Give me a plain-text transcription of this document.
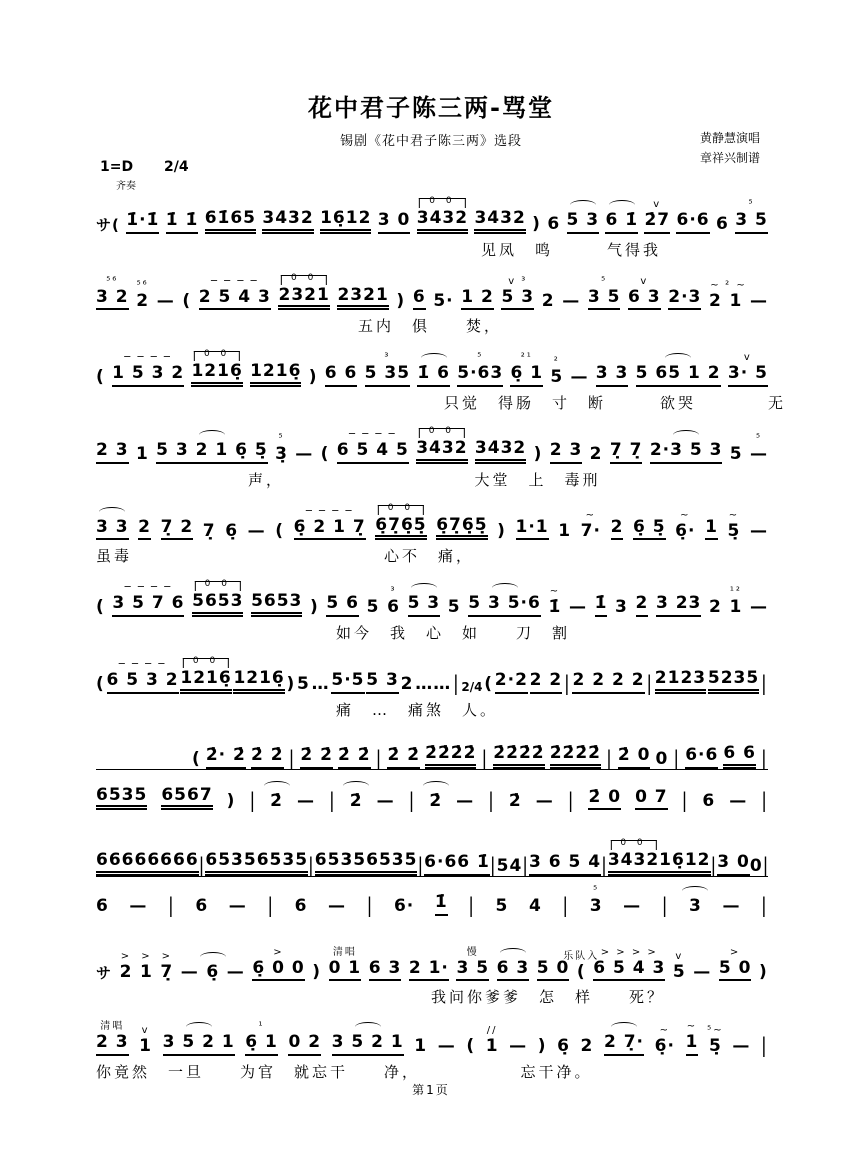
花中君子陈三两-骂堂
锡剧《花中君子陈三两》选段	黄静慧演唱
章祥兴制谱
1=D 2/4
齐奏
サ( 1̇·1̇ 1̇ 1̇ 61̇65 3432 16̣12 3 0
0 0
3432 3432 ) 6 5 3 6 1̇
v
2̇7 6·6 6
⁵
3 5
见凤　鸣　　　气得我
⁵⁶
3 2
⁵⁶
2 — (
─ ─ ─ ─
2 5 4 3
0 0
2321 2321 ) 6 5· 1 2
v ³
5 3 2 —
⁵
3 5
v
6 3 2·3
~
2
² ~
1 —
五内　俱　　焚，
(
─ ─ ─ ─
1 5 3 2
0 0
1216̣ 1216̣ ) 6 6
³
5 35 1̇ 6
⁵
5·63
²¹
6̣ 1
²
5 — 3 3 5 65 1 2
v
3· 5
只觉　得肠　寸　断　　　欲哭　　　　无
2 3 1 5 3 2 1 6̣ 5̣
⁵
3̣ — (
─ ─ ─ ─
6 5 4 5
0 0
3432 3432 ) 2 3 2 7̣ 7̣ 2·3 5 3 5
⁵
—
声，　　　　　　　　　　　大堂　上　毒刑
3 3 2 7̣ 2 7̣ 6̣ — (
─ ─ ─ ─
6̣ 2 1 7̣
0 0
6̣7̣6̣5̣ 6̣7̣6̣5̣ ) 1·1 1
~
7· 2 6̣ 5̣
~
6̣· 1
~
5̣ —
虽毒　　　　　　　　　　　　　　心不　痛，
(
─ ─ ─ ─
3 5 7 6
0 0
5653 5653 ) 5 6 5
³
6 5 3 5 5 3 5·6
~
1̇ — 1̇ 3 2 3 23 2
¹²
1 —
如今　我　心　如　　刀　割
(
─ ─ ─ ─
6 5 3 2
0 0
1216̣ 1216̣ ) 5 … 5·5 5 3 2 …… | 2/4 ( 2·2 2 2 | 2 2 2 2 | 2123 5235 |
痛　…　痛煞　人。
( 2̇· 2̇ 2̇ 2̇ | 2̇ 2̇ 2̇ 2̇ | 2̇ 2̇ 2̇2̇2̇2̇ | 2̇2̇2̇2̇ 2̇2̇2̇2̇ | 2̇ 0 0 | 6·6 6 6 |
6535 6567 ) | 2̇ — | 2̇ — | 2̇ — | 2̇ — | 2̇ 0 0 7 | 6 — |
6666 6666 | 6535 6535 | 6535 6535 | 6·6 6 1̇ | 5 4 | 3 6 5 4 |
0 0
3432 16̣12 | 3 0 0 |
6 — | 6 — | 6 — | 6· 1̇ | 5 4 |
⁵
3 — | 3 — |
サ
>
2
>
1
>
7̣ — 6̣ —
>
6̣ 0 0 )
清唱
0 1 6 3 2 1·
慢
3 5 6 3 5 0
乐队入
(
> > > >
6 5 4 3
v
5 —
>
5 0 )
我问你爹爹　怎　样　　死？
清唱
2 3
v
1 3 5 2 1
¹
6̣ 1 0 2 3 5 2 1 1 — (
//
1 — ) 6̣ 2 2 7̣·
~
6̣·
~
1
⁵~
5̣ — |
你竟然　一旦　　为官　就忘干　　净，　　　　　　忘干净。
第1页
